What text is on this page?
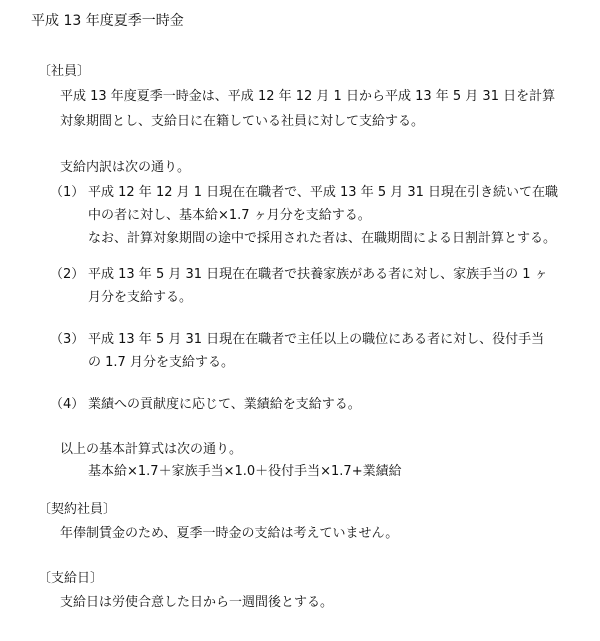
平成 13 年度夏季一時金
〔社員〕
平成 13 年度夏季一時金は、平成 12 年 12 月 1 日から平成 13 年 5 月 31 日を計算
対象期間とし、支給日に在籍している社員に対して支給する。
支給内訳は次の通り。
（1） 平成 12 年 12 月 1 日現在在職者で、平成 13 年 5 月 31 日現在引き続いて在職
中の者に対し、基本給×1.7 ヶ月分を支給する。
なお、計算対象期間の途中で採用された者は、在職期間による日割計算とする。
（2） 平成 13 年 5 月 31 日現在在職者で扶養家族がある者に対し、家族手当の 1 ヶ
月分を支給する。
（3） 平成 13 年 5 月 31 日現在在職者で主任以上の職位にある者に対し、役付手当
の 1.7 月分を支給する。
（4） 業績への貢献度に応じて、業績給を支給する。
以上の基本計算式は次の通り。
基本給×1.7＋家族手当×1.0＋役付手当×1.7+業績給
〔契約社員〕
年俸制賃金のため、夏季一時金の支給は考えていません。
〔支給日〕
支給日は労使合意した日から一週間後とする。
